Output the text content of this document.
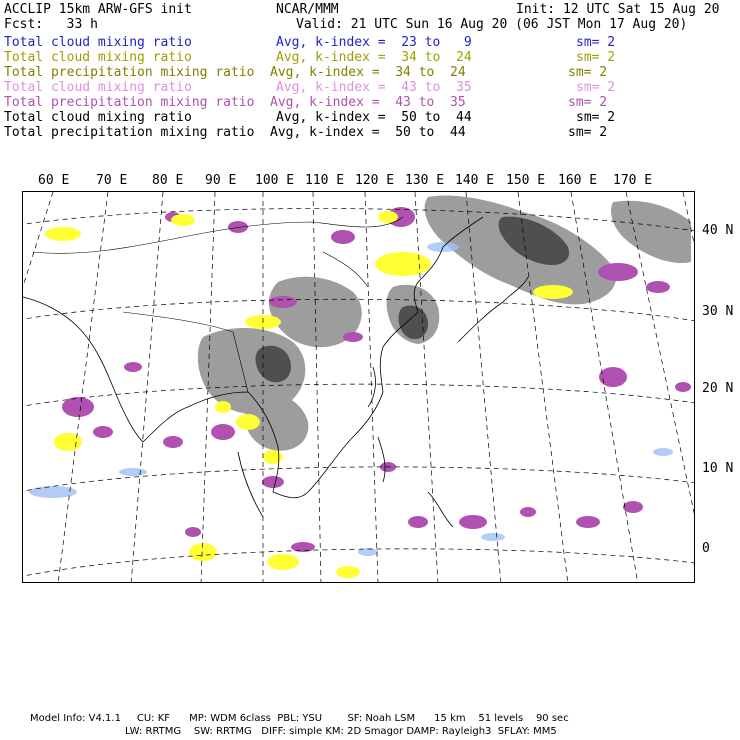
ACCLIP 15km ARW-GFS init	NCAR/MMM	Init: 12 UTC Sat 15 Aug 20
Fcst:   33 h	Valid: 21 UTC Sun 16 Aug 20 (06 JST Mon 17 Aug 20)
Total cloud mixing ratio	Avg, k-index =  23 to   9	sm= 2
Total cloud mixing ratio	Avg, k-index =  34 to  24	sm= 2
Total precipitation mixing ratio Avg, k-index =  34 to  24	sm= 2
Total cloud mixing ratio	Avg, k-index =  43 to  35	sm= 2
Total precipitation mixing ratio Avg, k-index =  43 to  35	sm= 2
Total cloud mixing ratio	Avg, k-index =  50 to  44	sm= 2
Total precipitation mixing ratio Avg, k-index =  50 to  44	sm= 2
60 E 70 E 80 E 90 E 100 E 110 E 120 E 130 E 140 E 150 E 160 E 170 E
40 N
30 N
20 N
10 N
0
Model Info: V4.1.1     CU: KF      MP: WDM 6class  PBL: YSU        SF: Noah LSM      15 km    51 levels    90 sec
LW: RRTMG    SW: RRTMG   DIFF: simple KM: 2D Smagor DAMP: Rayleigh3  SFLAY: MM5
